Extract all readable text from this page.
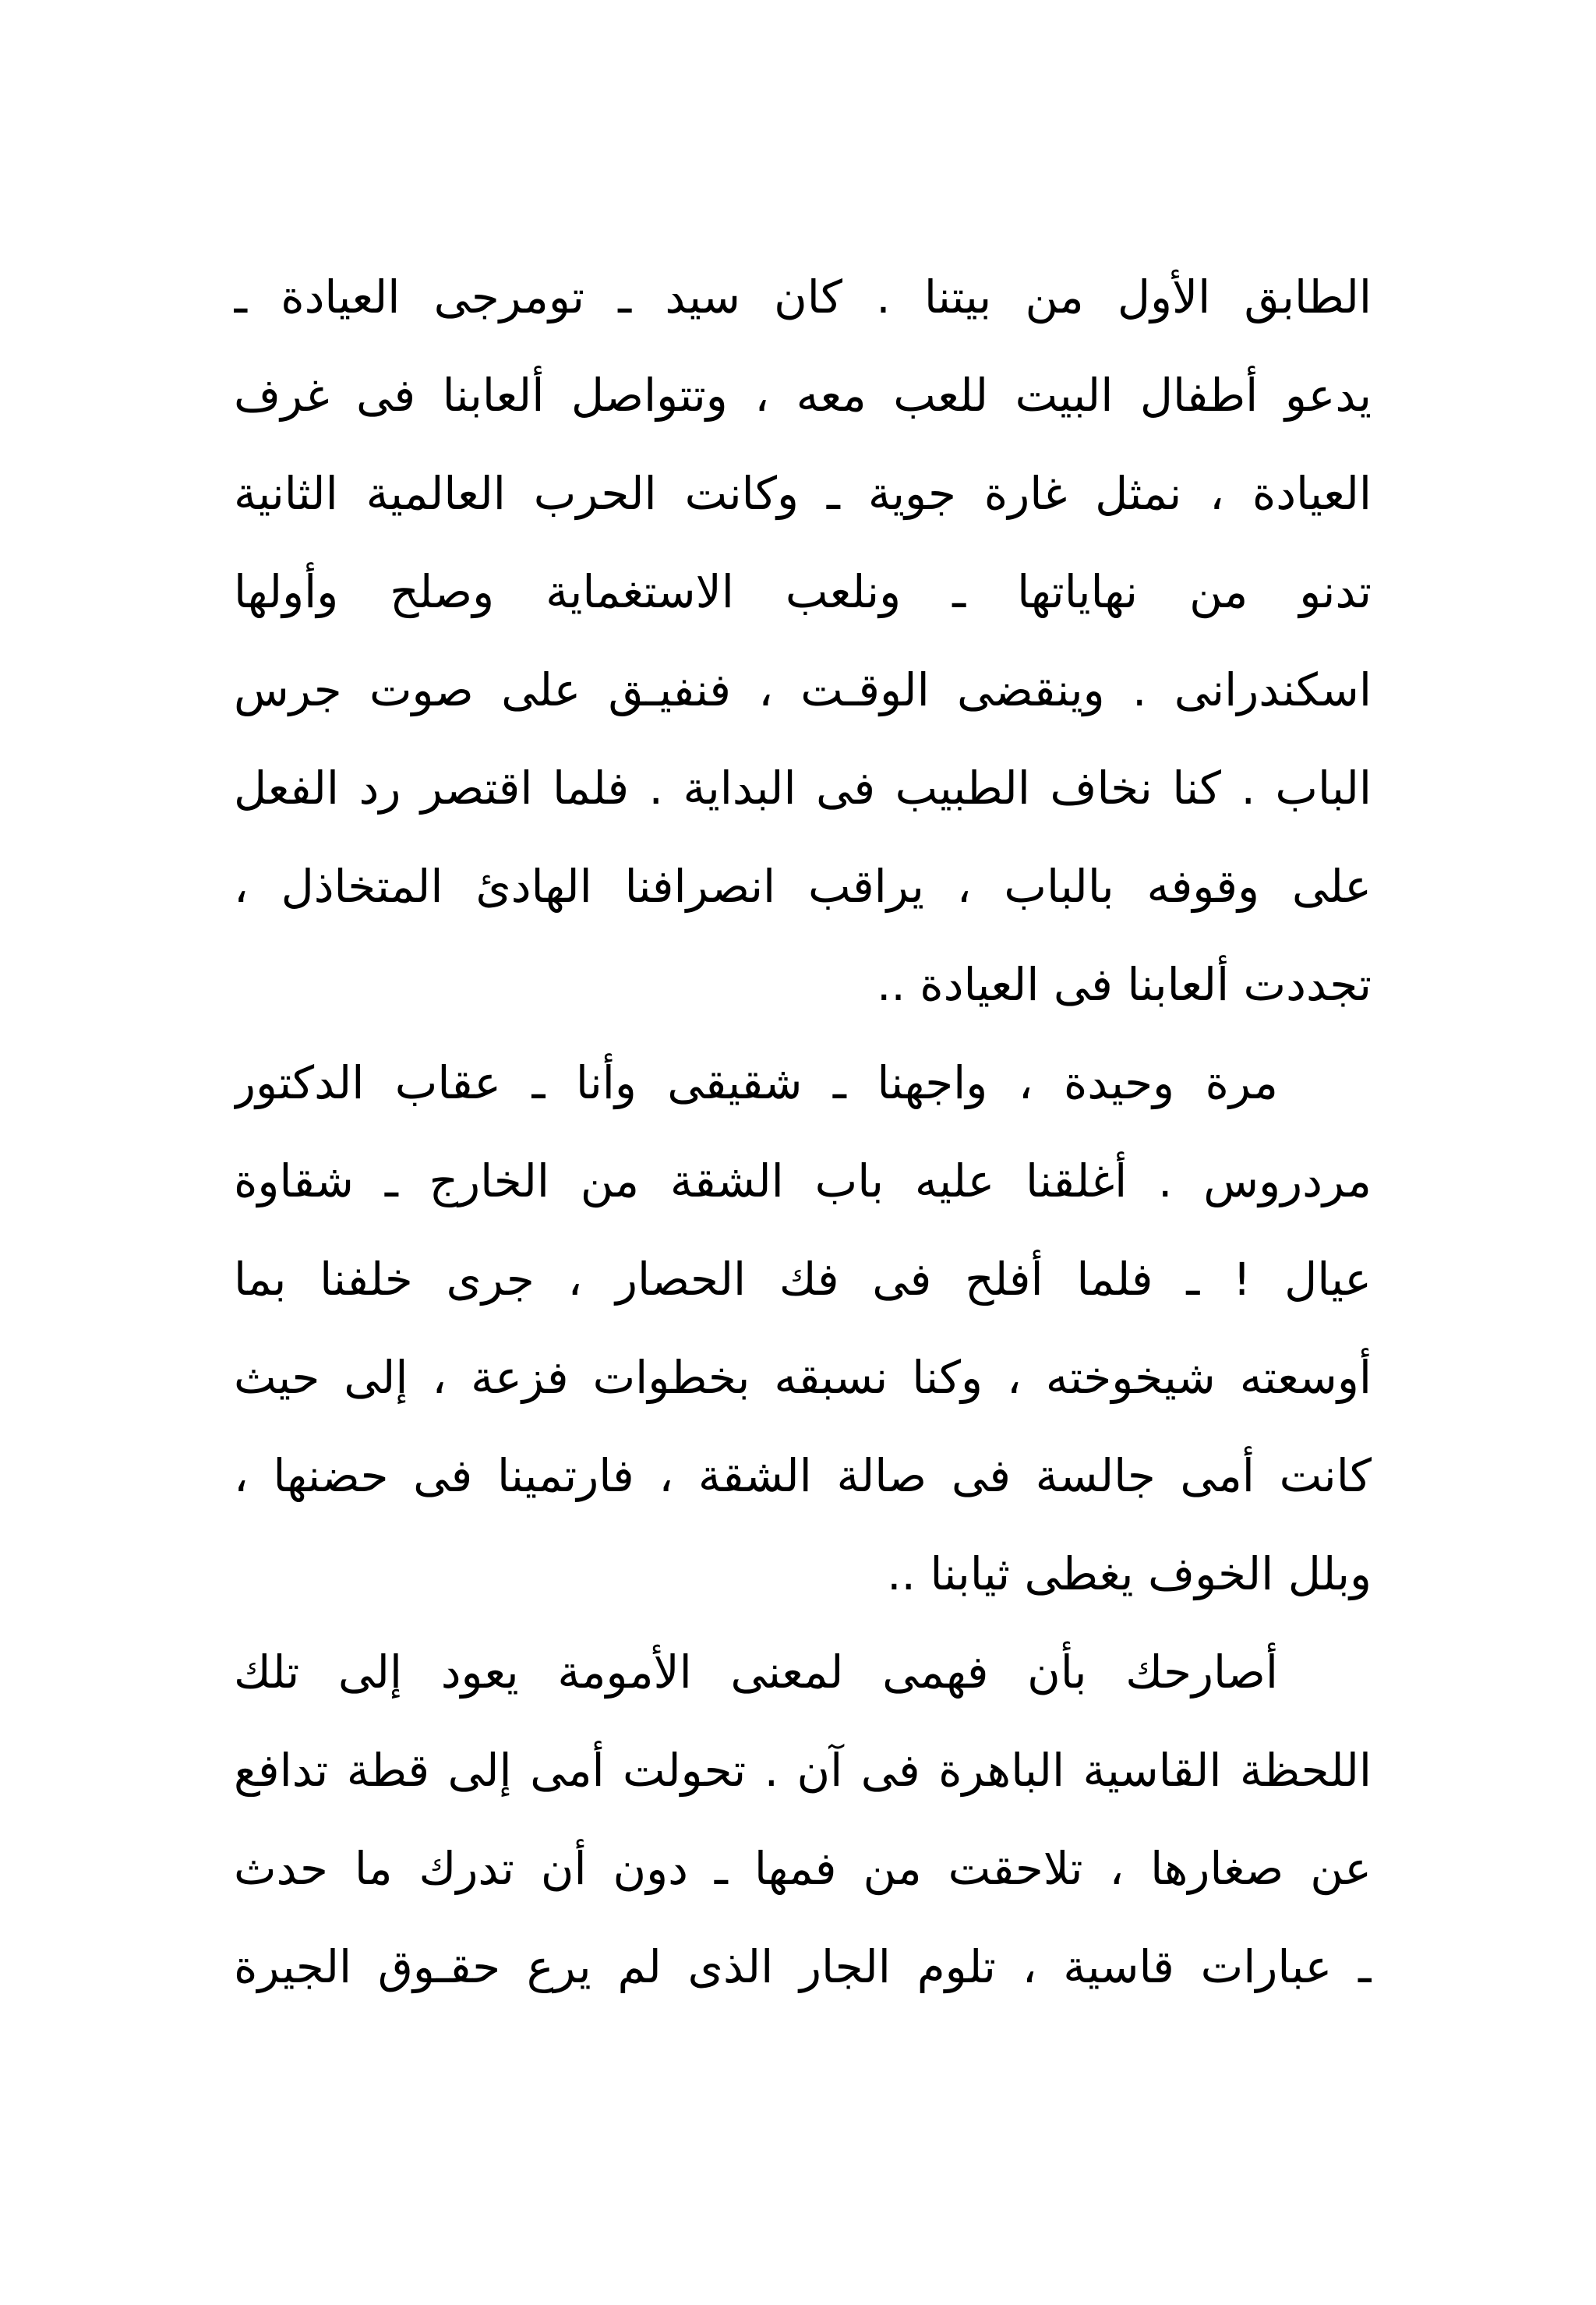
الطابق الأول من بيتنا . كان سيد ـ تومرجى العيادة ـ
يدعو أطفال البيت للعب معه ، وتتواصل ألعابنا فى غرف
العيادة ، نمثل غارة جوية ـ وكانت الحرب العالمية الثانية
تدنو من نهاياتها ـ ونلعب الاستغماية وصلح وأولها
اسكندرانى . وينقضى الوقـت ، فنفيـق على صوت جرس
الباب . كنا نخاف الطبيب فى البداية . فلما اقتصر رد الفعل
على وقوفه بالباب ، يراقب انصرافنا الهادئ المتخاذل ،
تجددت ألعابنا فى العيادة ..
مرة وحيدة ، واجهنا ـ شقيقى وأنا ـ عقاب الدكتور
مردروس . أغلقنا عليه باب الشقة من الخارج ـ شقاوة
عيال ! ـ فلما أفلح فى فك الحصار ، جرى خلفنا بما
أوسعته شيخوخته ، وكنا نسبقه بخطوات فزعة ، إلى حيث
كانت أمى جالسة فى صالة الشقة ، فارتمينا فى حضنها ،
وبلل الخوف يغطى ثيابنا ..
أصارحك بأن فهمى لمعنى الأمومة يعود إلى تلك
اللحظة القاسية الباهرة فى آن . تحولت أمى إلى قطة تدافع
عن صغارها ، تلاحقت من فمها ـ دون أن تدرك ما حدث
ـ عبارات قاسية ، تلوم الجار الذى لم يرع حقـوق الجيرة
